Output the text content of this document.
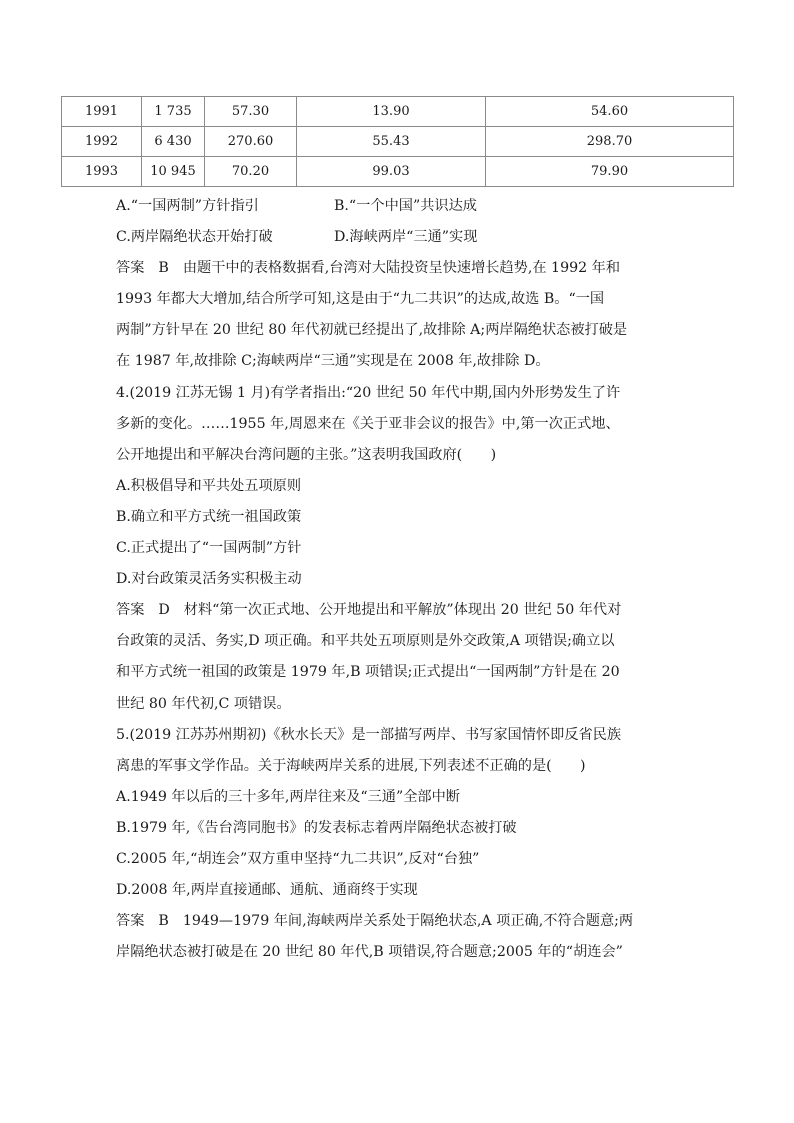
1991	1 735	57.30	13.90	54.60
1992	6 430	270.60	55.43	298.70
1993	10 945	70.20	99.03	79.90
A.“一国两制”方针指引	B.“一个中国”共识达成
C.两岸隔绝状态开始打破	D.海峡两岸“三通”实现
答案 B 由题干中的表格数据看,台湾对大陆投资呈快速增长趋势,在 1992 年和
1993 年都大大增加,结合所学可知,这是由于“九二共识”的达成,故选 B。“一国
两制”方针早在 20 世纪 80 年代初就已经提出了,故排除 A;两岸隔绝状态被打破是
在 1987 年,故排除 C;海峡两岸“三通”实现是在 2008 年,故排除 D。
4.(2019 江苏无锡 1 月)有学者指出:“20 世纪 50 年代中期,国内外形势发生了许
多新的变化。……1955 年,周恩来在《关于亚非会议的报告》中,第一次正式地、
公开地提出和平解决台湾问题的主张。”这表明我国政府(　　)
A.积极倡导和平共处五项原则
B.确立和平方式统一祖国政策
C.正式提出了“一国两制”方针
D.对台政策灵活务实积极主动
答案 D 材料“第一次正式地、公开地提出和平解放”体现出 20 世纪 50 年代对
台政策的灵活、务实,D 项正确。和平共处五项原则是外交政策,A 项错误;确立以
和平方式统一祖国的政策是 1979 年,B 项错误;正式提出“一国两制”方针是在 20
世纪 80 年代初,C 项错误。
5.(2019 江苏苏州期初)《秋水长天》是一部描写两岸、书写家国情怀即反省民族
离患的军事文学作品。关于海峡两岸关系的进展,下列表述不正确的是(　　)
A.1949 年以后的三十多年,两岸往来及“三通”全部中断
B.1979 年,《告台湾同胞书》的发表标志着两岸隔绝状态被打破
C.2005 年,“胡连会”双方重申坚持“九二共识”,反对“台独”
D.2008 年,两岸直接通邮、通航、通商终于实现
答案 B 1949—1979 年间,海峡两岸关系处于隔绝状态,A 项正确,不符合题意;两
岸隔绝状态被打破是在 20 世纪 80 年代,B 项错误,符合题意;2005 年的“胡连会”
